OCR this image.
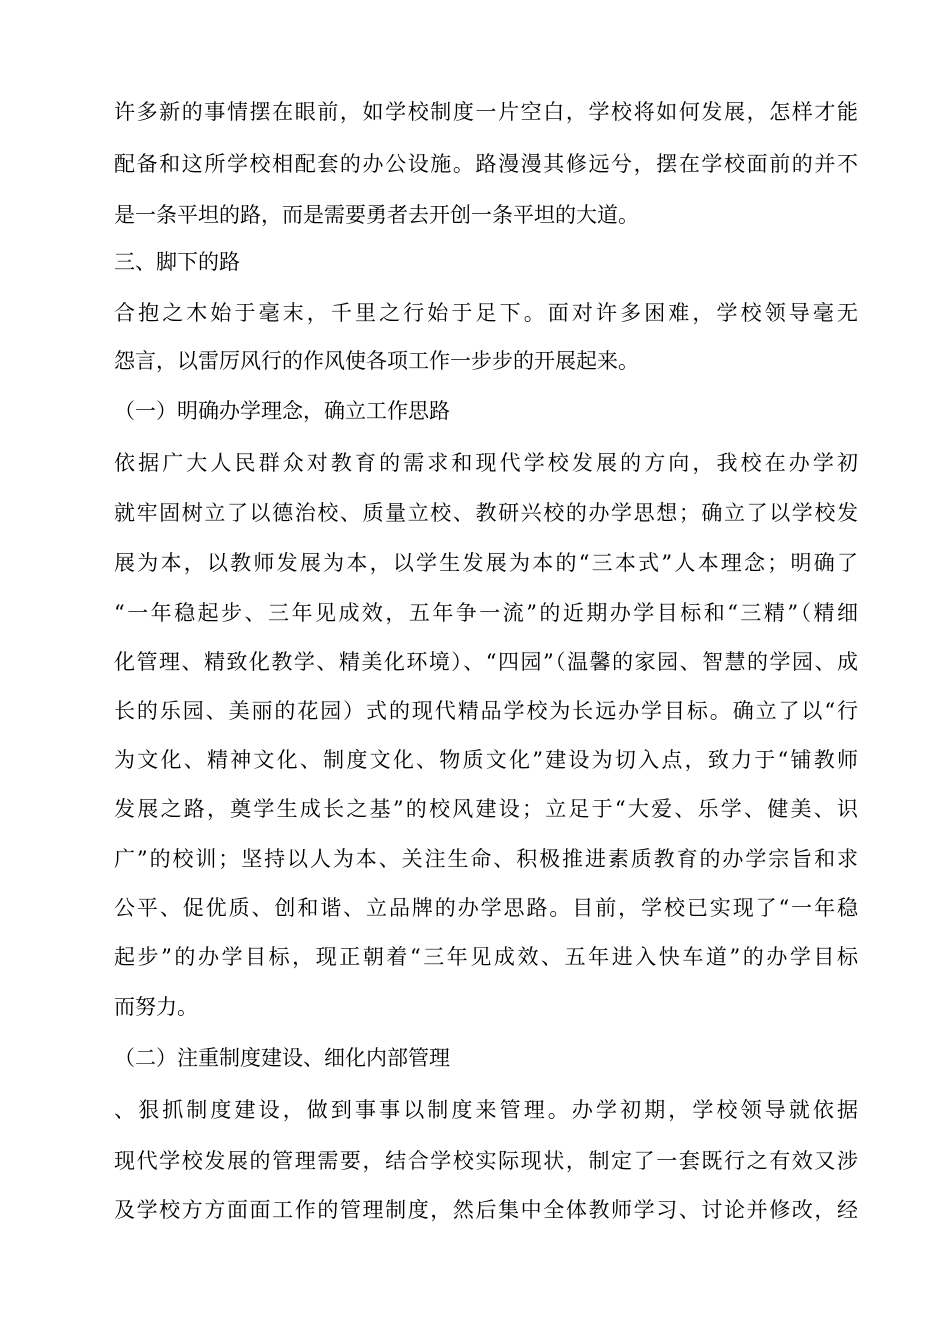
许多新的事情摆在眼前，如学校制度一片空白，学校将如何发展，怎样才能
配备和这所学校相配套的办公设施。路漫漫其修远兮，摆在学校面前的并不
是一条平坦的路，而是需要勇者去开创一条平坦的大道。
三、脚下的路
合抱之木始于毫末，千里之行始于足下。面对许多困难，学校领导毫无
怨言，以雷厉风行的作风使各项工作一步步的开展起来。
（一）明确办学理念，确立工作思路
依据广大人民群众对教育的需求和现代学校发展的方向，我校在办学初
就牢固树立了以德治校、质量立校、教研兴校的办学思想；确立了以学校发
展为本，以教师发展为本，以学生发展为本的“三本式”人本理念；明确了
“一年稳起步、三年见成效，五年争一流”的近期办学目标和“三精”（精细
化管理、精致化教学、精美化环境）、“四园”（温馨的家园、智慧的学园、成
长的乐园、美丽的花园）式的现代精品学校为长远办学目标。确立了以“行
为文化、精神文化、制度文化、物质文化”建设为切入点，致力于“铺教师
发展之路，奠学生成长之基”的校风建设；立足于“大爱、乐学、健美、识
广”的校训；坚持以人为本、关注生命、积极推进素质教育的办学宗旨和求
公平、促优质、创和谐、立品牌的办学思路。目前，学校已实现了“一年稳
起步”的办学目标，现正朝着“三年见成效、五年进入快车道”的办学目标
而努力。
（二）注重制度建设、细化内部管理
、狠抓制度建设，做到事事以制度来管理。办学初期，学校领导就依据
现代学校发展的管理需要，结合学校实际现状，制定了一套既行之有效又涉
及学校方方面面工作的管理制度，然后集中全体教师学习、讨论并修改，经
